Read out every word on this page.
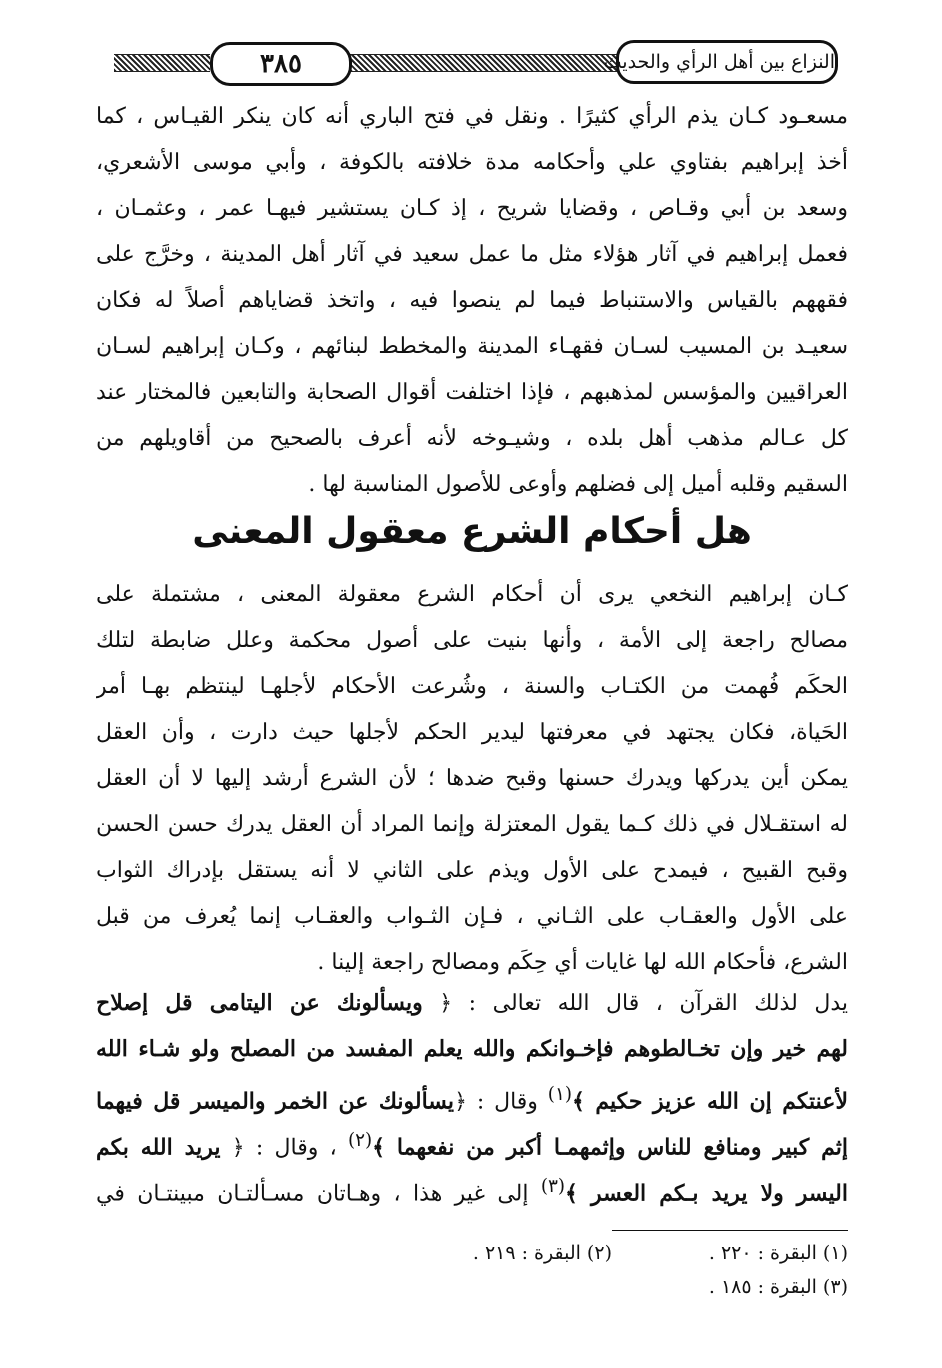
٣٨٥	النزاع بين أهل الرأي والحديث
مسعـود كـان يذم الرأي كثيرًا . ونقل في فتح الباري أنه كان ينكر القيـاس ، كما
أخذ إبراهيم بفتاوي علي وأحكامه مدة خلافته بالكوفة ، وأبي موسى الأشعري،
وسعد بن أبي وقـاص ، وقضايا شريح ، إذ كـان يستشير فيهـا عمر ، وعثمـان ،
فعمل إبراهيم في آثار هؤلاء مثل ما عمل سعيد في آثار أهل المدينة ، وخرَّج على
فقههم بالقياس والاستنباط فيما لم ينصوا فيه ، واتخذ قضاياهم أصلاً له فكان
سعيـد بن المسيب لسـان فقهـاء المدينة والمخطط لبنائهم ، وكـان إبراهيم لسـان
العراقيين والمؤسس لمذهبهم ، فإذا اختلفت أقوال الصحابة والتابعين فالمختار عند
كل عـالم مذهب أهل بلده ، وشيـوخه لأنه أعرف بالصحيح من أقاويلهم من
السقيم وقلبه أميل إلى فضلهم وأوعى للأصول المناسبة لها .
هل أحكام الشرع معقول المعنى
كـان إبراهيم النخعي يرى أن أحكام الشرع معقولة المعنى ، مشتملة على
مصالح راجعة إلى الأمة ، وأنها بنيت على أصول محكمة وعلل ضابطة لتلك
الحكَم فُهمت من الكتـاب والسنة ، وشُرعت الأحكام لأجلهـا لينتظم بهـا أمر
الحَياة، فكان يجتهد في معرفتها ليدير الحكم لأجلها حيث دارت ، وأن العقل
يمكن أين يدركها ويدرك حسنها وقبح ضدها ؛ لأن الشرع أرشد إليها لا أن العقل
له استقـلال في ذلك كـما يقول المعتزلة وإنما المراد أن العقل يدرك حسن الحسن
وقبح القبيح ، فيمدح على الأول ويذم على الثاني لا أنه يستقل بإدراك الثواب
على الأول والعقـاب على الثـاني ، فـإن الثـواب والعقـاب إنما يُعرف من قبل
الشرع، فأحكام الله لها غايات أي حِكَم ومصالح راجعة إلينا .
يدل لذلك القرآن ، قال الله تعالى : ﴿ ويسألونك عن اليتامى قل إصلاح
لهم خير وإن تخـالطوهم فإخـوانكم والله يعلم المفسد من المصلح ولو شـاء الله
لأعنتكم إن الله عزيز حكيم ﴾$^{(١)}$ وقال : ﴿يسألونك عن الخمر والميسر قل فيهما
إثم كبير ومنافع للناس وإثمهمـا أكبر من نفعهما ﴾$^{(٢)}$ ، وقال : ﴿ يريد الله بكم
اليسر ولا يريد بـكم العسر ﴾$^{(٣)}$ إلى غير هذا ، وهـاتان مسـألتـان مبينتـان في
(١) البقرة : ٢٢٠ .
(٢) البقرة : ٢١٩ .
(٣) البقرة : ١٨٥ .
